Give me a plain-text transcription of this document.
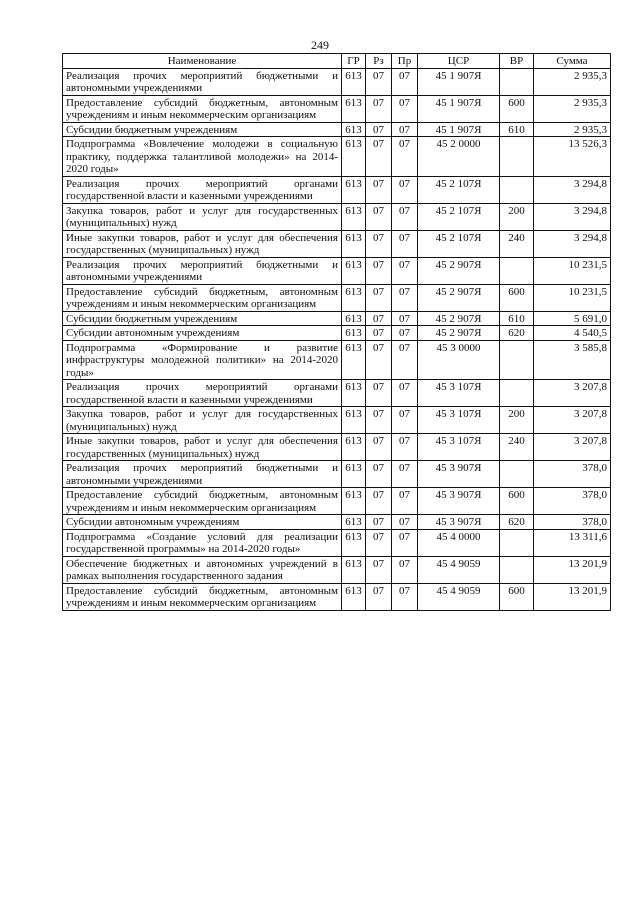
249
Наименование	ГР	Рз	Пр	ЦСР	ВР	Сумма
Реализация прочих мероприятий бюджетными и автономными учреждениями	613	07	07	45 1 907Я		2 935,3
Предоставление субсидий бюджетным, автономным учреждениям и иным некоммерческим организациям	613	07	07	45 1 907Я	600	2 935,3
Субсидии бюджетным учреждениям	613	07	07	45 1 907Я	610	2 935,3
Подпрограмма «Вовлечение молодежи в социальную практику, поддержка талантливой молодежи» на 2014-2020 годы»	613	07	07	45 2 0000		13 526,3
Реализация прочих мероприятий органами государственной власти и казенными учреждениями	613	07	07	45 2 107Я		3 294,8
Закупка товаров, работ и услуг для государственных (муниципальных) нужд	613	07	07	45 2 107Я	200	3 294,8
Иные закупки товаров, работ и услуг для обеспечения государственных (муниципальных) нужд	613	07	07	45 2 107Я	240	3 294,8
Реализация прочих мероприятий бюджетными и автономными учреждениями	613	07	07	45 2 907Я		10 231,5
Предоставление субсидий бюджетным, автономным учреждениям и иным некоммерческим организациям	613	07	07	45 2 907Я	600	10 231,5
Субсидии бюджетным учреждениям	613	07	07	45 2 907Я	610	5 691,0
Субсидии автономным учреждениям	613	07	07	45 2 907Я	620	4 540,5
Подпрограмма «Формирование и развитие инфраструктуры молодежной политики» на 2014-2020 годы»	613	07	07	45 3 0000		3 585,8
Реализация прочих мероприятий органами государственной власти и казенными учреждениями	613	07	07	45 3 107Я		3 207,8
Закупка товаров, работ и услуг для государственных (муниципальных) нужд	613	07	07	45 3 107Я	200	3 207,8
Иные закупки товаров, работ и услуг для обеспечения государственных (муниципальных) нужд	613	07	07	45 3 107Я	240	3 207,8
Реализация прочих мероприятий бюджетными и автономными учреждениями	613	07	07	45 3 907Я		378,0
Предоставление субсидий бюджетным, автономным учреждениям и иным некоммерческим организациям	613	07	07	45 3 907Я	600	378,0
Субсидии автономным учреждениям	613	07	07	45 3 907Я	620	378,0
Подпрограмма «Создание условий для реализации государственной программы» на 2014-2020 годы»	613	07	07	45 4 0000		13 311,6
Обеспечение бюджетных и автономных учреждений в рамках выполнения государственного задания	613	07	07	45 4 9059		13 201,9
Предоставление субсидий бюджетным, автономным учреждениям и иным некоммерческим организациям	613	07	07	45 4 9059	600	13 201,9
